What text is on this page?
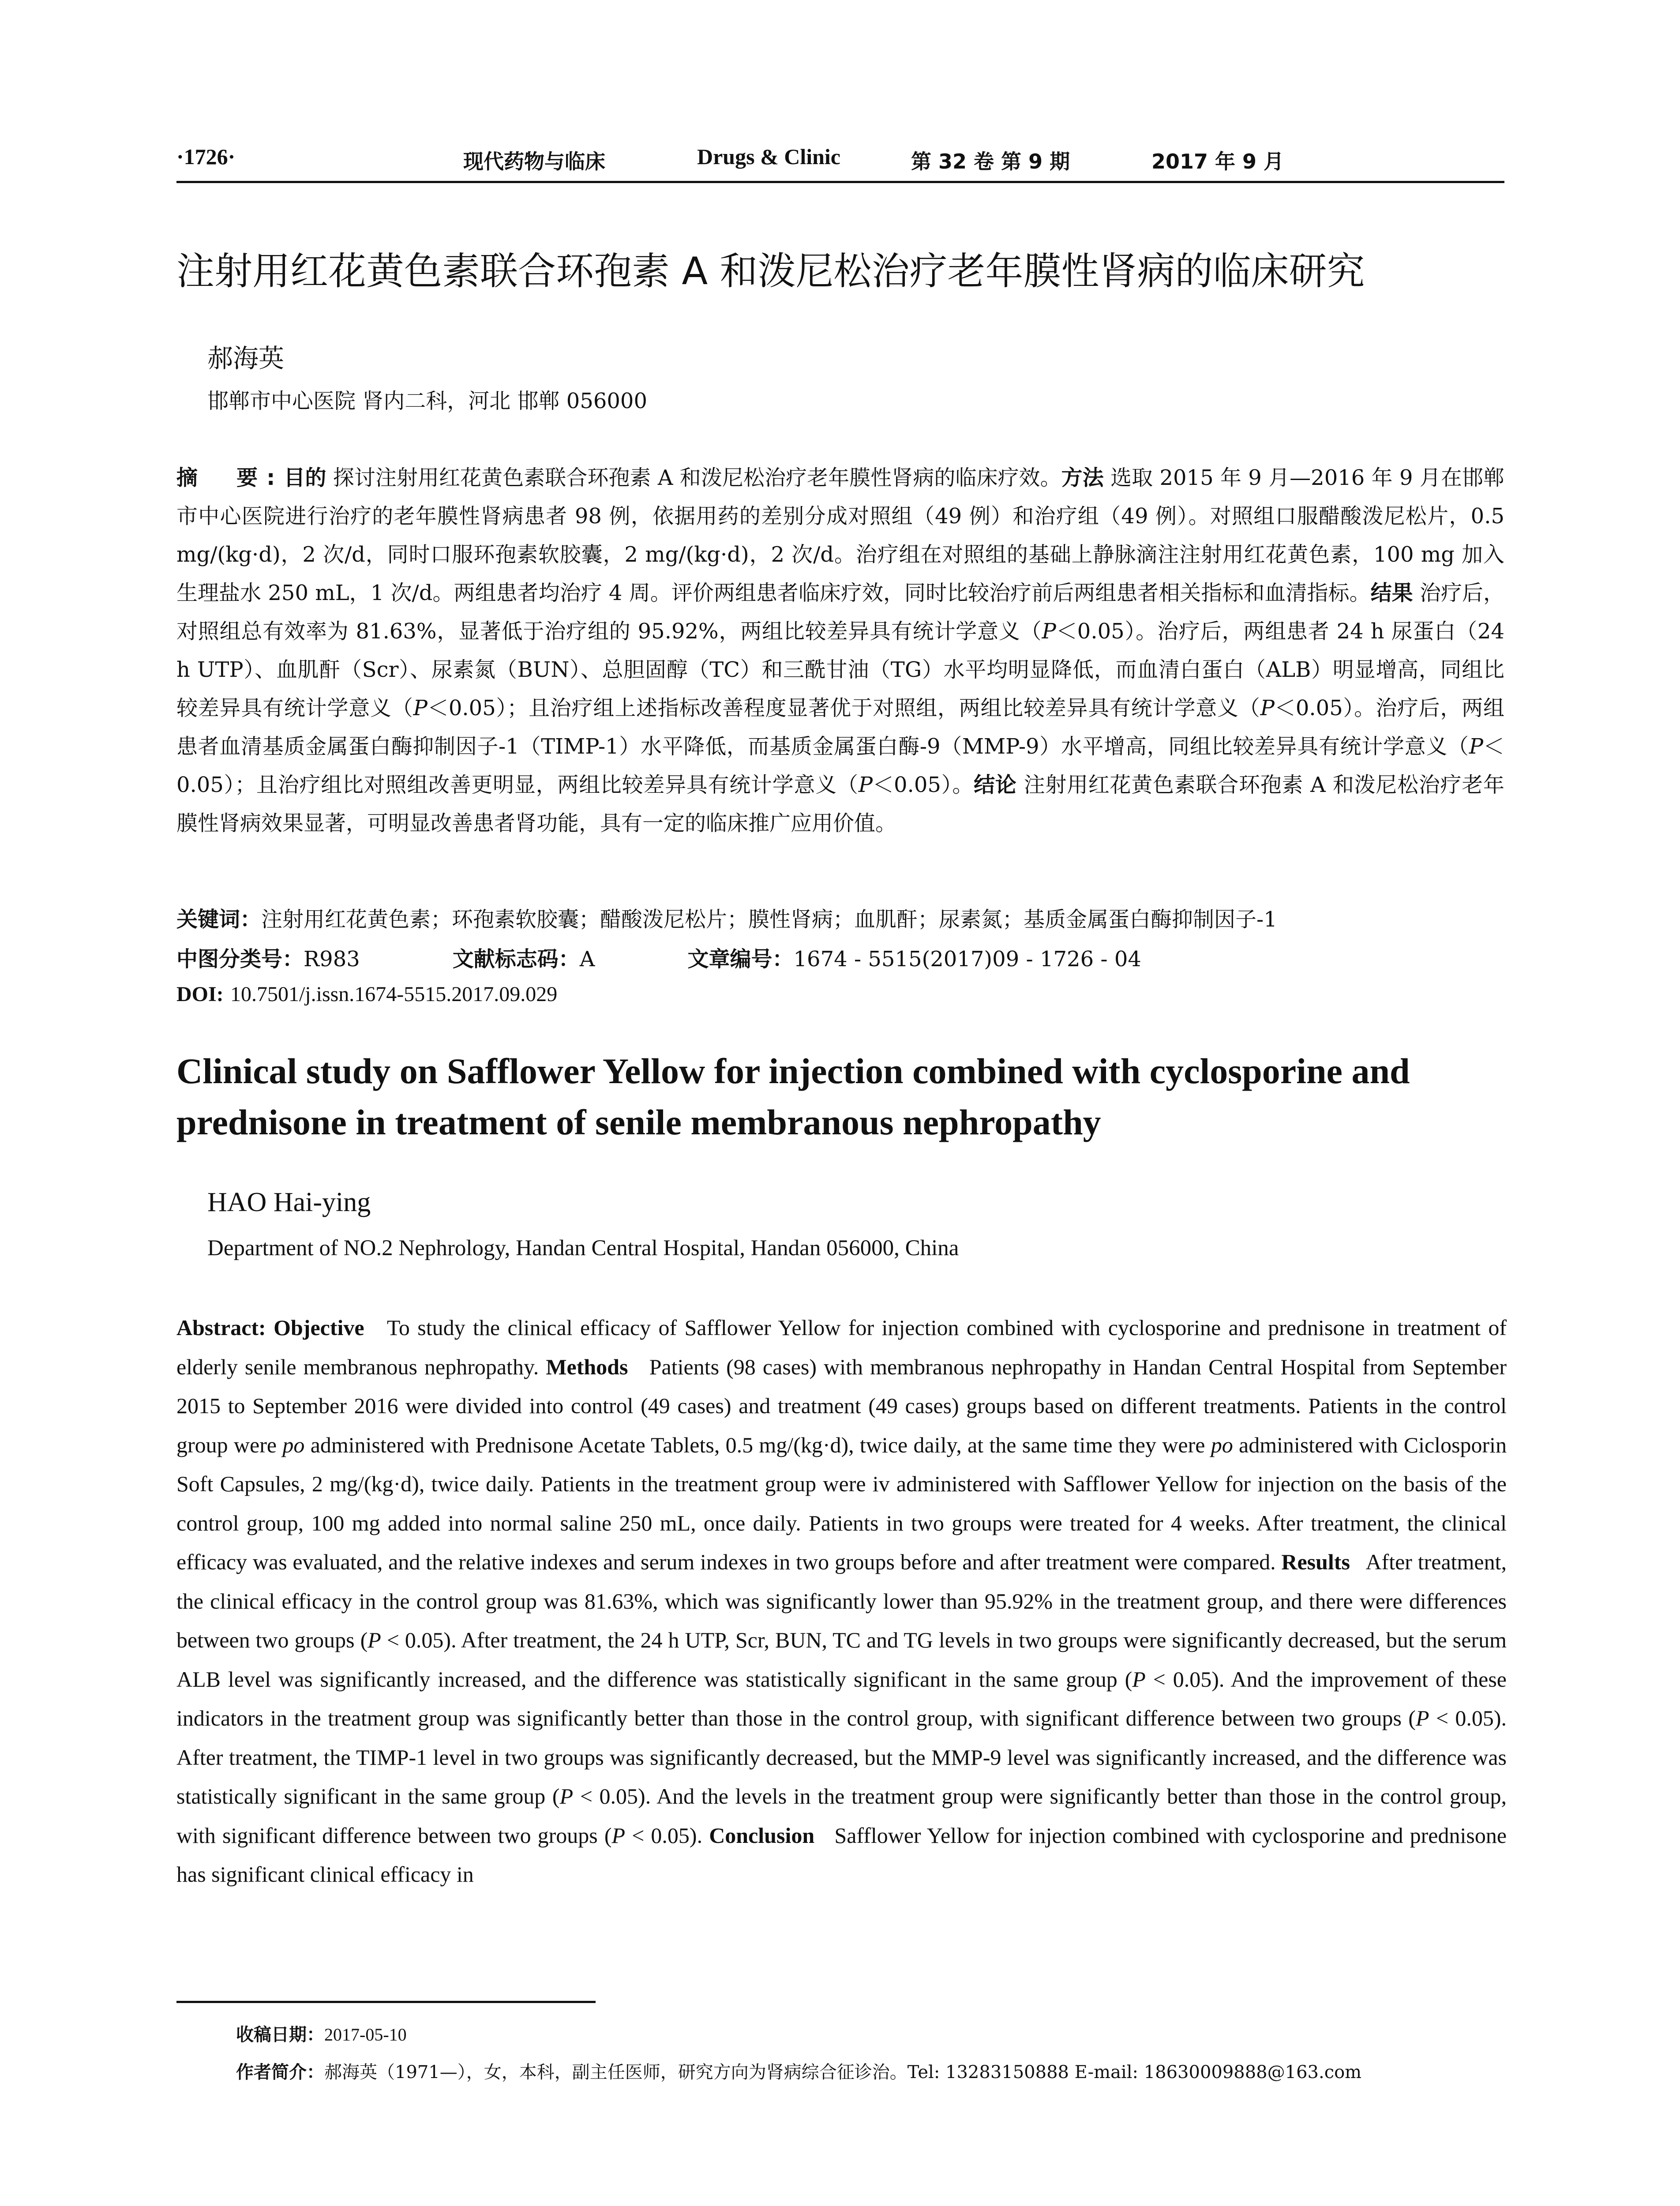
·1726·	现代药物与临床	Drugs & Clinic	第 32 卷 第 9 期	2017 年 9 月
注射用红花黄色素联合环孢素 A 和泼尼松治疗老年膜性肾病的临床研究
郝海英
邯郸市中心医院 肾内二科，河北 邯郸 056000
摘　要:目的 探讨注射用红花黄色素联合环孢素 A 和泼尼松治疗老年膜性肾病的临床疗效。方法 选取 2015 年 9 月—2016 年 9 月在邯郸市中心医院进行治疗的老年膜性肾病患者 98 例，依据用药的差别分成对照组（49 例）和治疗组（49 例）。对照组口服醋酸泼尼松片，0.5 mg/(kg·d)，2 次/d，同时口服环孢素软胶囊，2 mg/(kg·d)，2 次/d。治疗组在对照组的基础上静脉滴注注射用红花黄色素，100 mg 加入生理盐水 250 mL，1 次/d。两组患者均治疗 4 周。评价两组患者临床疗效，同时比较治疗前后两组患者相关指标和血清指标。结果 治疗后，对照组总有效率为 81.63%，显著低于治疗组的 95.92%，两组比较差异具有统计学意义（P＜0.05）。治疗后，两组患者 24 h 尿蛋白（24 h UTP）、血肌酐（Scr）、尿素氮（BUN）、总胆固醇（TC）和三酰甘油（TG）水平均明显降低，而血清白蛋白（ALB）明显增高，同组比较差异具有统计学意义（P＜0.05）；且治疗组上述指标改善程度显著优于对照组，两组比较差异具有统计学意义（P＜0.05）。治疗后，两组患者血清基质金属蛋白酶抑制因子-1（TIMP-1）水平降低，而基质金属蛋白酶-9（MMP-9）水平增高，同组比较差异具有统计学意义（P＜0.05）；且治疗组比对照组改善更明显，两组比较差异具有统计学意义（P＜0.05）。结论 注射用红花黄色素联合环孢素 A 和泼尼松治疗老年膜性肾病效果显著，可明显改善患者肾功能，具有一定的临床推广应用价值。
关键词：注射用红花黄色素；环孢素软胶囊；醋酸泼尼松片；膜性肾病；血肌酐；尿素氮；基质金属蛋白酶抑制因子-1
中图分类号：R983	文献标志码：A	文章编号：1674 - 5515(2017)09 - 1726 - 04
DOI: 10.7501/j.issn.1674-5515.2017.09.029
Clinical study on Safflower Yellow for injection combined with cyclosporine and prednisone in treatment of senile membranous nephropathy
HAO Hai-ying
Department of NO.2 Nephrology, Handan Central Hospital, Handan 056000, China
Abstract: Objective To study the clinical efficacy of Safflower Yellow for injection combined with cyclosporine and prednisone in treatment of elderly senile membranous nephropathy. Methods Patients (98 cases) with membranous nephropathy in Handan Central Hospital from September 2015 to September 2016 were divided into control (49 cases) and treatment (49 cases) groups based on different treatments. Patients in the control group were po administered with Prednisone Acetate Tablets, 0.5 mg/(kg·d), twice daily, at the same time they were po administered with Ciclosporin Soft Capsules, 2 mg/(kg·d), twice daily. Patients in the treatment group were iv administered with Safflower Yellow for injection on the basis of the control group, 100 mg added into normal saline 250 mL, once daily. Patients in two groups were treated for 4 weeks. After treatment, the clinical efficacy was evaluated, and the relative indexes and serum indexes in two groups before and after treatment were compared. Results After treatment, the clinical efficacy in the control group was 81.63%, which was significantly lower than 95.92% in the treatment group, and there were differences between two groups (P < 0.05). After treatment, the 24 h UTP, Scr, BUN, TC and TG levels in two groups were significantly decreased, but the serum ALB level was significantly increased, and the difference was statistically significant in the same group (P < 0.05). And the improvement of these indicators in the treatment group was significantly better than those in the control group, with significant difference between two groups (P < 0.05). After treatment, the TIMP-1 level in two groups was significantly decreased, but the MMP-9 level was significantly increased, and the difference was statistically significant in the same group (P < 0.05). And the levels in the treatment group were significantly better than those in the control group, with significant difference between two groups (P < 0.05). Conclusion Safflower Yellow for injection combined with cyclosporine and prednisone has significant clinical efficacy in
收稿日期：2017-05-10
作者简介：郝海英（1971—），女，本科，副主任医师，研究方向为肾病综合征诊治。Tel: 13283150888 E-mail: 18630009888@163.com
